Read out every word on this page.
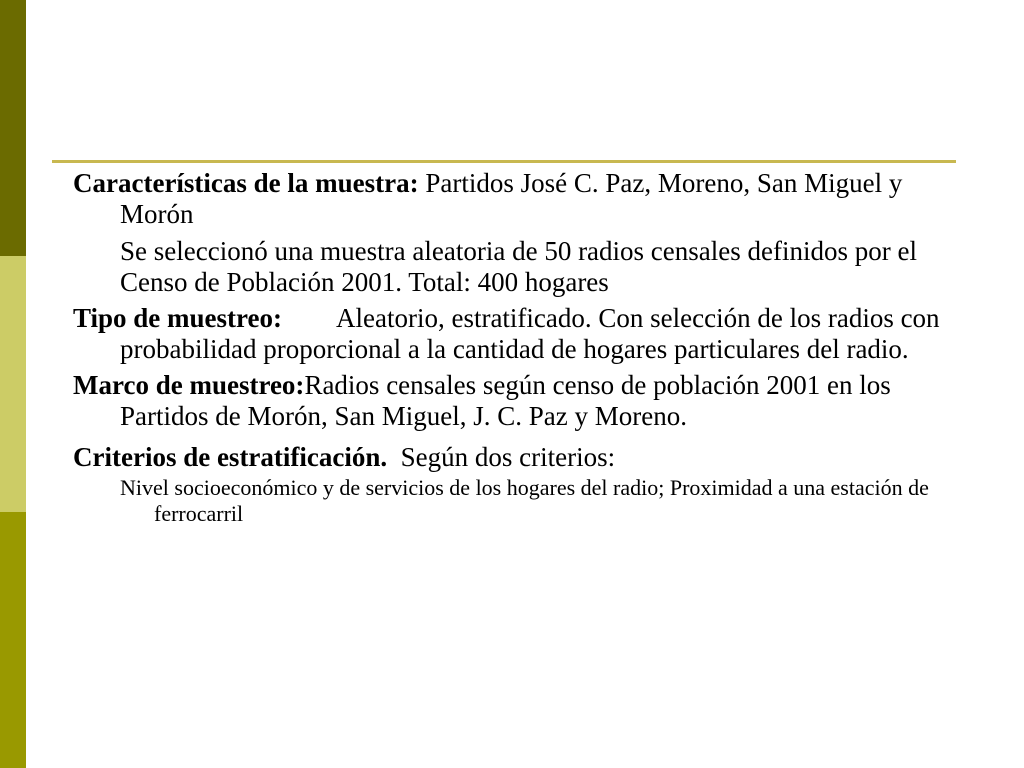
Características de la muestra: Partidos José C. Paz, Moreno, San Miguel y Morón

Se seleccionó una muestra aleatoria de 50 radios censales definidos por el Censo de Población 2001. Total: 400 hogares

Tipo de muestreo: Aleatorio, estratificado. Con selección de los radios con probabilidad proporcional a la cantidad de hogares particulares del radio.

Marco de muestreo:Radios censales según censo de población 2001 en los Partidos de Morón, San Miguel, J. C. Paz y Moreno.

Criterios de estratificación.  Según dos criterios:

Nivel socioeconómico y de servicios de los hogares del radio; Proximidad a una estación de ferrocarril
